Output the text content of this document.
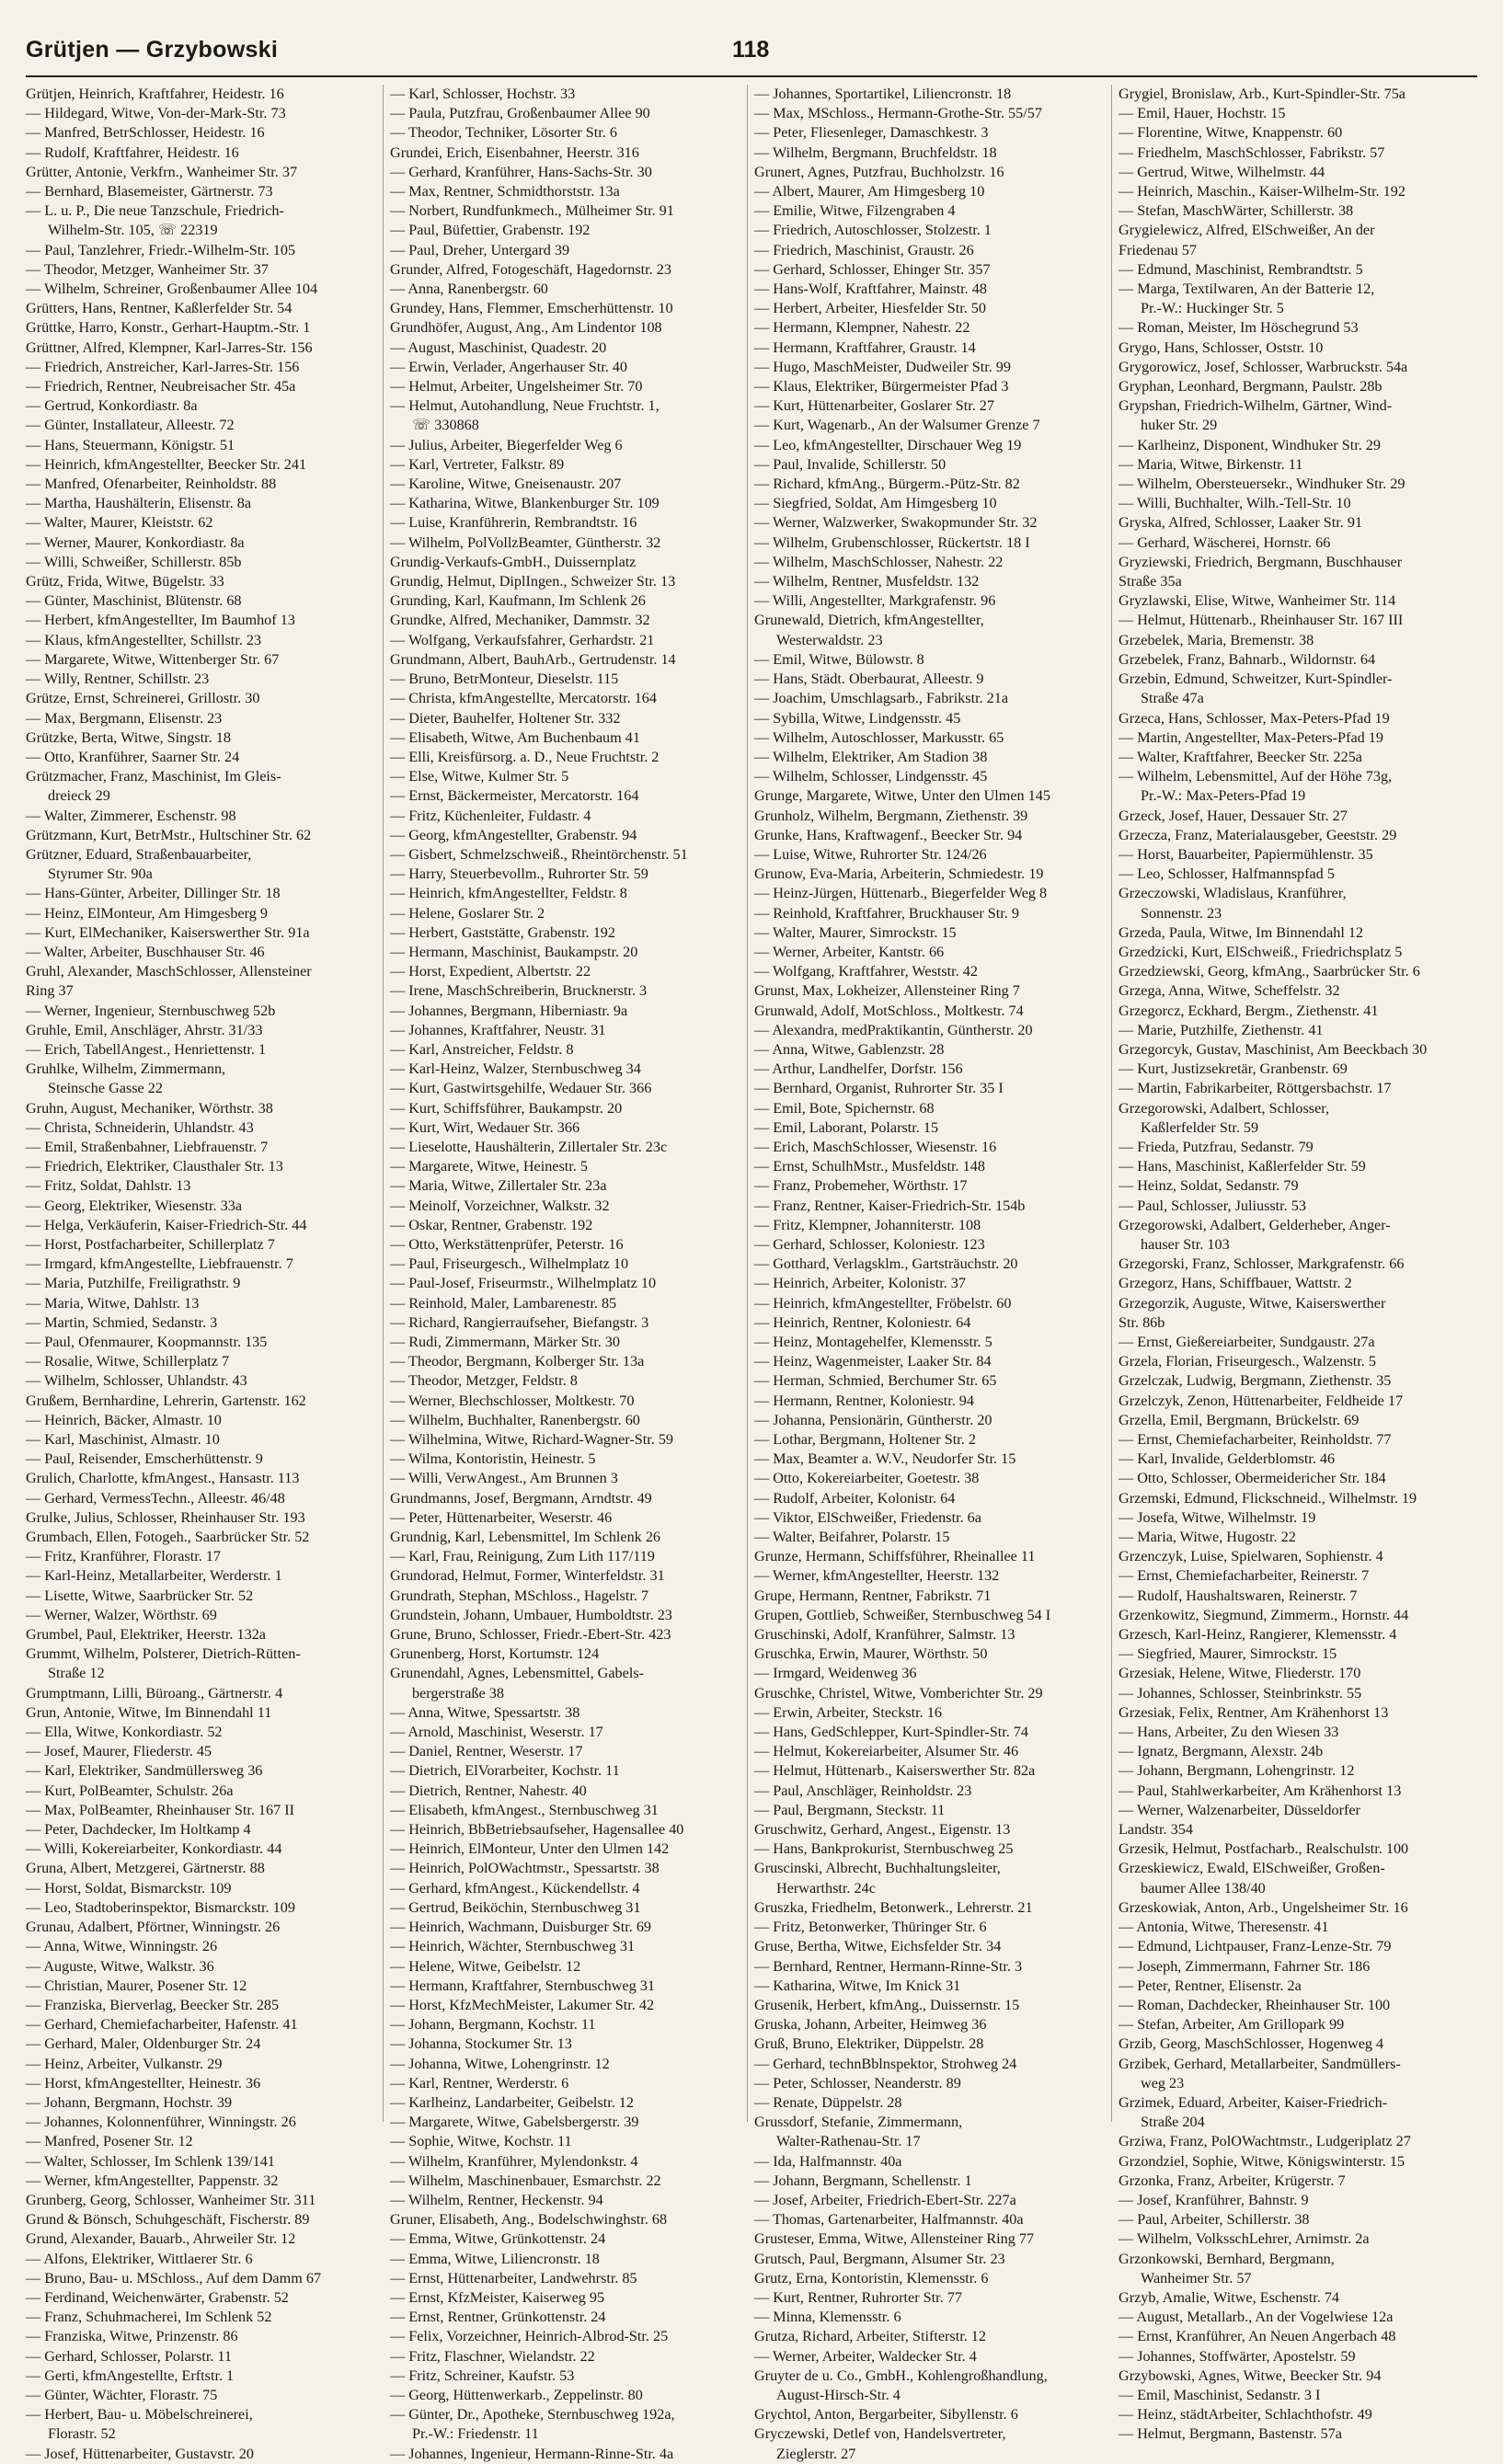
Grütjen — Grzybowski	118
Grütjen, Heinrich, Kraftfahrer, Heidestr. 16
— Hildegard, Witwe, Von-der-Mark-Str. 73
— Manfred, BetrSchlosser, Heidestr. 16
— Rudolf, Kraftfahrer, Heidestr. 16
Grütter, Antonie, Verkfrn., Wanheimer Str. 37
— Bernhard, Blasemeister, Gärtnerstr. 73
— L. u. P., Die neue Tanzschule, Friedrich-
Wilhelm-Str. 105, ☏ 22319
— Paul, Tanzlehrer, Friedr.-Wilhelm-Str. 105
— Theodor, Metzger, Wanheimer Str. 37
— Wilhelm, Schreiner, Großenbaumer Allee 104
Grütters, Hans, Rentner, Kaßlerfelder Str. 54
Grüttke, Harro, Konstr., Gerhart-Hauptm.-Str. 1
Grüttner, Alfred, Klempner, Karl-Jarres-Str. 156
— Friedrich, Anstreicher, Karl-Jarres-Str. 156
— Friedrich, Rentner, Neubreisacher Str. 45a
— Gertrud, Konkordiastr. 8a
— Günter, Installateur, Alleestr. 72
— Hans, Steuermann, Königstr. 51
— Heinrich, kfmAngestellter, Beecker Str. 241
— Manfred, Ofenarbeiter, Reinholdstr. 88
— Martha, Haushälterin, Elisenstr. 8a
— Walter, Maurer, Kleiststr. 62
— Werner, Maurer, Konkordiastr. 8a
— Willi, Schweißer, Schillerstr. 85b
Grütz, Frida, Witwe, Bügelstr. 33
— Günter, Maschinist, Blütenstr. 68
— Herbert, kfmAngestellter, Im Baumhof 13
— Klaus, kfmAngestellter, Schillstr. 23
— Margarete, Witwe, Wittenberger Str. 67
— Willy, Rentner, Schillstr. 23
Grütze, Ernst, Schreinerei, Grillostr. 30
— Max, Bergmann, Elisenstr. 23
Grützke, Berta, Witwe, Singstr. 18
— Otto, Kranführer, Saarner Str. 24
Grützmacher, Franz, Maschinist, Im Gleis-
dreieck 29
— Walter, Zimmerer, Eschenstr. 98
Grützmann, Kurt, BetrMstr., Hultschiner Str. 62
Grützner, Eduard, Straßenbauarbeiter,
Styrumer Str. 90a
— Hans-Günter, Arbeiter, Dillinger Str. 18
— Heinz, ElMonteur, Am Himgesberg 9
— Kurt, ElMechaniker, Kaiserswerther Str. 91a
— Walter, Arbeiter, Buschhauser Str. 46
Gruhl, Alexander, MaschSchlosser, Allensteiner
Ring 37
— Werner, Ingenieur, Sternbuschweg 52b
Gruhle, Emil, Anschläger, Ahrstr. 31/33
— Erich, TabellAngest., Henriettenstr. 1
Gruhlke, Wilhelm, Zimmermann,
Steinsche Gasse 22
Gruhn, August, Mechaniker, Wörthstr. 38
— Christa, Schneiderin, Uhlandstr. 43
— Emil, Straßenbahner, Liebfrauenstr. 7
— Friedrich, Elektriker, Clausthaler Str. 13
— Fritz, Soldat, Dahlstr. 13
— Georg, Elektriker, Wiesenstr. 33a
— Helga, Verkäuferin, Kaiser-Friedrich-Str. 44
— Horst, Postfacharbeiter, Schillerplatz 7
— Irmgard, kfmAngestellte, Liebfrauenstr. 7
— Maria, Putzhilfe, Freiligrathstr. 9
— Maria, Witwe, Dahlstr. 13
— Martin, Schmied, Sedanstr. 3
— Paul, Ofenmaurer, Koopmannstr. 135
— Rosalie, Witwe, Schillerplatz 7
— Wilhelm, Schlosser, Uhlandstr. 43
Grußem, Bernhardine, Lehrerin, Gartenstr. 162
— Heinrich, Bäcker, Almastr. 10
— Karl, Maschinist, Almastr. 10
— Paul, Reisender, Emscherhüttenstr. 9
Grulich, Charlotte, kfmAngest., Hansastr. 113
— Gerhard, VermessTechn., Alleestr. 46/48
Grulke, Julius, Schlosser, Rheinhauser Str. 193
Grumbach, Ellen, Fotogeh., Saarbrücker Str. 52
— Fritz, Kranführer, Florastr. 17
— Karl-Heinz, Metallarbeiter, Werderstr. 1
— Lisette, Witwe, Saarbrücker Str. 52
— Werner, Walzer, Wörthstr. 69
Grumbel, Paul, Elektriker, Heerstr. 132a
Grummt, Wilhelm, Polsterer, Dietrich-Rütten-
Straße 12
Grumptmann, Lilli, Büroang., Gärtnerstr. 4
Grun, Antonie, Witwe, Im Binnendahl 11
— Ella, Witwe, Konkordiastr. 52
— Josef, Maurer, Fliederstr. 45
— Karl, Elektriker, Sandmüllersweg 36
— Kurt, PolBeamter, Schulstr. 26a
— Max, PolBeamter, Rheinhauser Str. 167 II
— Peter, Dachdecker, Im Holtkamp 4
— Willi, Kokereiarbeiter, Konkordiastr. 44
Gruna, Albert, Metzgerei, Gärtnerstr. 88
— Horst, Soldat, Bismarckstr. 109
— Leo, Stadtoberinspektor, Bismarckstr. 109
Grunau, Adalbert, Pförtner, Winningstr. 26
— Anna, Witwe, Winningstr. 26
— Auguste, Witwe, Walkstr. 36
— Christian, Maurer, Posener Str. 12
— Franziska, Bierverlag, Beecker Str. 285
— Gerhard, Chemiefacharbeiter, Hafenstr. 41
— Gerhard, Maler, Oldenburger Str. 24
— Heinz, Arbeiter, Vulkanstr. 29
— Horst, kfmAngestellter, Heinestr. 36
— Johann, Bergmann, Hochstr. 39
— Johannes, Kolonnenführer, Winningstr. 26
— Manfred, Posener Str. 12
— Walter, Schlosser, Im Schlenk 139/141
— Werner, kfmAngestellter, Pappenstr. 32
Grunberg, Georg, Schlosser, Wanheimer Str. 311
Grund & Bönsch, Schuhgeschäft, Fischerstr. 89
Grund, Alexander, Bauarb., Ahrweiler Str. 12
— Alfons, Elektriker, Wittlaerer Str. 6
— Bruno, Bau- u. MSchloss., Auf dem Damm 67
— Ferdinand, Weichenwärter, Grabenstr. 52
— Franz, Schuhmacherei, Im Schlenk 52
— Franziska, Witwe, Prinzenstr. 86
— Gerhard, Schlosser, Polarstr. 11
— Gerti, kfmAngestellte, Erftstr. 1
— Günter, Wächter, Florastr. 75
— Herbert, Bau- u. Möbelschreinerei,
Florastr. 52
— Josef, Hüttenarbeiter, Gustavstr. 20
— Karl, Schlosser, Hochstr. 33
— Paula, Putzfrau, Großenbaumer Allee 90
— Theodor, Techniker, Lösorter Str. 6
Grundei, Erich, Eisenbahner, Heerstr. 316
— Gerhard, Kranführer, Hans-Sachs-Str. 30
— Max, Rentner, Schmidthorststr. 13a
— Norbert, Rundfunkmech., Mülheimer Str. 91
— Paul, Büfettier, Grabenstr. 192
— Paul, Dreher, Untergard 39
Grunder, Alfred, Fotogeschäft, Hagedornstr. 23
— Anna, Ranenbergstr. 60
Grundey, Hans, Flemmer, Emscherhüttenstr. 10
Grundhöfer, August, Ang., Am Lindentor 108
— August, Maschinist, Quadestr. 20
— Erwin, Verlader, Angerhauser Str. 40
— Helmut, Arbeiter, Ungelsheimer Str. 70
— Helmut, Autohandlung, Neue Fruchtstr. 1,
☏ 330868
— Julius, Arbeiter, Biegerfelder Weg 6
— Karl, Vertreter, Falkstr. 89
— Karoline, Witwe, Gneisenaustr. 207
— Katharina, Witwe, Blankenburger Str. 109
— Luise, Kranführerin, Rembrandtstr. 16
— Wilhelm, PolVollzBeamter, Güntherstr. 32
Grundig-Verkaufs-GmbH., Duissernplatz
Grundig, Helmut, DiplIngen., Schweizer Str. 13
Grunding, Karl, Kaufmann, Im Schlenk 26
Grundke, Alfred, Mechaniker, Dammstr. 32
— Wolfgang, Verkaufsfahrer, Gerhardstr. 21
Grundmann, Albert, BauhArb., Gertrudenstr. 14
— Bruno, BetrMonteur, Dieselstr. 115
— Christa, kfmAngestellte, Mercatorstr. 164
— Dieter, Bauhelfer, Holtener Str. 332
— Elisabeth, Witwe, Am Buchenbaum 41
— Elli, Kreisfürsorg. a. D., Neue Fruchtstr. 2
— Else, Witwe, Kulmer Str. 5
— Ernst, Bäckermeister, Mercatorstr. 164
— Fritz, Küchenleiter, Fuldastr. 4
— Georg, kfmAngestellter, Grabenstr. 94
— Gisbert, Schmelzschweiß., Rheintörchenstr. 51
— Harry, Steuerbevollm., Ruhrorter Str. 59
— Heinrich, kfmAngestellter, Feldstr. 8
— Helene, Goslarer Str. 2
— Herbert, Gaststätte, Grabenstr. 192
— Hermann, Maschinist, Baukampstr. 20
— Horst, Expedient, Albertstr. 22
— Irene, MaschSchreiberin, Brucknerstr. 3
— Johannes, Bergmann, Hiberniastr. 9a
— Johannes, Kraftfahrer, Neustr. 31
— Karl, Anstreicher, Feldstr. 8
— Karl-Heinz, Walzer, Sternbuschweg 34
— Kurt, Gastwirtsgehilfe, Wedauer Str. 366
— Kurt, Schiffsführer, Baukampstr. 20
— Kurt, Wirt, Wedauer Str. 366
— Lieselotte, Haushälterin, Zillertaler Str. 23c
— Margarete, Witwe, Heinestr. 5
— Maria, Witwe, Zillertaler Str. 23a
— Meinolf, Vorzeichner, Walkstr. 32
— Oskar, Rentner, Grabenstr. 192
— Otto, Werkstättenprüfer, Peterstr. 16
— Paul, Friseurgesch., Wilhelmplatz 10
— Paul-Josef, Friseurmstr., Wilhelmplatz 10
— Reinhold, Maler, Lambarenestr. 85
— Richard, Rangierraufseher, Biefangstr. 3
— Rudi, Zimmermann, Märker Str. 30
— Theodor, Bergmann, Kolberger Str. 13a
— Theodor, Metzger, Feldstr. 8
— Werner, Blechschlosser, Moltkestr. 70
— Wilhelm, Buchhalter, Ranenbergstr. 60
— Wilhelmina, Witwe, Richard-Wagner-Str. 59
— Wilma, Kontoristin, Heinestr. 5
— Willi, VerwAngest., Am Brunnen 3
Grundmanns, Josef, Bergmann, Arndtstr. 49
— Peter, Hüttenarbeiter, Weserstr. 46
Grundnig, Karl, Lebensmittel, Im Schlenk 26
— Karl, Frau, Reinigung, Zum Lith 117/119
Grundorad, Helmut, Former, Winterfeldstr. 31
Grundrath, Stephan, MSchloss., Hagelstr. 7
Grundstein, Johann, Umbauer, Humboldtstr. 23
Grune, Bruno, Schlosser, Friedr.-Ebert-Str. 423
Grunenberg, Horst, Kortumstr. 124
Grunendahl, Agnes, Lebensmittel, Gabels-
bergerstraße 38
— Anna, Witwe, Spessartstr. 38
— Arnold, Maschinist, Weserstr. 17
— Daniel, Rentner, Weserstr. 17
— Dietrich, ElVorarbeiter, Kochstr. 11
— Dietrich, Rentner, Nahestr. 40
— Elisabeth, kfmAngest., Sternbuschweg 31
— Heinrich, BbBetriebsaufseher, Hagensallee 40
— Heinrich, ElMonteur, Unter den Ulmen 142
— Heinrich, PolOWachtmstr., Spessartstr. 38
— Gerhard, kfmAngest., Kückendellstr. 4
— Gertrud, Beiköchin, Sternbuschweg 31
— Heinrich, Wachmann, Duisburger Str. 69
— Heinrich, Wächter, Sternbuschweg 31
— Helene, Witwe, Geibelstr. 12
— Hermann, Kraftfahrer, Sternbuschweg 31
— Horst, KfzMechMeister, Lakumer Str. 42
— Johann, Bergmann, Kochstr. 11
— Johanna, Stockumer Str. 13
— Johanna, Witwe, Lohengrinstr. 12
— Karl, Rentner, Werderstr. 6
— Karlheinz, Landarbeiter, Geibelstr. 12
— Margarete, Witwe, Gabelsbergerstr. 39
— Sophie, Witwe, Kochstr. 11
— Wilhelm, Kranführer, Mylendonkstr. 4
— Wilhelm, Maschinenbauer, Esmarchstr. 22
— Wilhelm, Rentner, Heckenstr. 94
Gruner, Elisabeth, Ang., Bodelschwinghstr. 68
— Emma, Witwe, Grünkottenstr. 24
— Emma, Witwe, Liliencronstr. 18
— Ernst, Hüttenarbeiter, Landwehrstr. 85
— Ernst, KfzMeister, Kaiserweg 95
— Ernst, Rentner, Grünkottenstr. 24
— Felix, Vorzeichner, Heinrich-Albrod-Str. 25
— Fritz, Flaschner, Wielandstr. 22
— Fritz, Schreiner, Kaufstr. 53
— Georg, Hüttenwerkarb., Zeppelinstr. 80
— Günter, Dr., Apotheke, Sternbuschweg 192a,
Pr.-W.: Friedenstr. 11
— Johannes, Ingenieur, Hermann-Rinne-Str. 4a
— Johannes, Sportartikel, Liliencronstr. 18
— Max, MSchloss., Hermann-Grothe-Str. 55/57
— Peter, Fliesenleger, Damaschkestr. 3
— Wilhelm, Bergmann, Bruchfeldstr. 18
Grunert, Agnes, Putzfrau, Buchholzstr. 16
— Albert, Maurer, Am Himgesberg 10
— Emilie, Witwe, Filzengraben 4
— Friedrich, Autoschlosser, Stolzestr. 1
— Friedrich, Maschinist, Graustr. 26
— Gerhard, Schlosser, Ehinger Str. 357
— Hans-Wolf, Kraftfahrer, Mainstr. 48
— Herbert, Arbeiter, Hiesfelder Str. 50
— Hermann, Klempner, Nahestr. 22
— Hermann, Kraftfahrer, Graustr. 14
— Hugo, MaschMeister, Dudweiler Str. 99
— Klaus, Elektriker, Bürgermeister Pfad 3
— Kurt, Hüttenarbeiter, Goslarer Str. 27
— Kurt, Wagenarb., An der Walsumer Grenze 7
— Leo, kfmAngestellter, Dirschauer Weg 19
— Paul, Invalide, Schillerstr. 50
— Richard, kfmAng., Bürgerm.-Pütz-Str. 82
— Siegfried, Soldat, Am Himgesberg 10
— Werner, Walzwerker, Swakopmunder Str. 32
— Wilhelm, Grubenschlosser, Rückertstr. 18 I
— Wilhelm, MaschSchlosser, Nahestr. 22
— Wilhelm, Rentner, Musfeldstr. 132
— Willi, Angestellter, Markgrafenstr. 96
Grunewald, Dietrich, kfmAngestellter,
Westerwaldstr. 23
— Emil, Witwe, Bülowstr. 8
— Hans, Städt. Oberbaurat, Alleestr. 9
— Joachim, Umschlagsarb., Fabrikstr. 21a
— Sybilla, Witwe, Lindgensstr. 45
— Wilhelm, Autoschlosser, Markusstr. 65
— Wilhelm, Elektriker, Am Stadion 38
— Wilhelm, Schlosser, Lindgensstr. 45
Grunge, Margarete, Witwe, Unter den Ulmen 145
Grunholz, Wilhelm, Bergmann, Ziethenstr. 39
Grunke, Hans, Kraftwagenf., Beecker Str. 94
— Luise, Witwe, Ruhrorter Str. 124/26
Grunow, Eva-Maria, Arbeiterin, Schmiedestr. 19
— Heinz-Jürgen, Hüttenarb., Biegerfelder Weg 8
— Reinhold, Kraftfahrer, Bruckhauser Str. 9
— Walter, Maurer, Simrockstr. 15
— Werner, Arbeiter, Kantstr. 66
— Wolfgang, Kraftfahrer, Weststr. 42
Grunst, Max, Lokheizer, Allensteiner Ring 7
Grunwald, Adolf, MotSchloss., Moltkestr. 74
— Alexandra, medPraktikantin, Güntherstr. 20
— Anna, Witwe, Gablenzstr. 28
— Arthur, Landhelfer, Dorfstr. 156
— Bernhard, Organist, Ruhrorter Str. 35 I
— Emil, Bote, Spichernstr. 68
— Emil, Laborant, Polarstr. 15
— Erich, MaschSchlosser, Wiesenstr. 16
— Ernst, SchulhMstr., Musfeldstr. 148
— Franz, Probemeher, Wörthstr. 17
— Franz, Rentner, Kaiser-Friedrich-Str. 154b
— Fritz, Klempner, Johanniterstr. 108
— Gerhard, Schlosser, Koloniestr. 123
— Gotthard, Verlagsklm., Gartsträuchstr. 20
— Heinrich, Arbeiter, Kolonistr. 37
— Heinrich, kfmAngestellter, Fröbelstr. 60
— Heinrich, Rentner, Koloniestr. 64
— Heinz, Montagehelfer, Klemensstr. 5
— Heinz, Wagenmeister, Laaker Str. 84
— Herman, Schmied, Berchumer Str. 65
— Hermann, Rentner, Koloniestr. 94
— Johanna, Pensionärin, Güntherstr. 20
— Lothar, Bergmann, Holtener Str. 2
— Max, Beamter a. W.V., Neudorfer Str. 15
— Otto, Kokereiarbeiter, Goetestr. 38
— Rudolf, Arbeiter, Kolonistr. 64
— Viktor, ElSchweißer, Friedenstr. 6a
— Walter, Beifahrer, Polarstr. 15
Grunze, Hermann, Schiffsführer, Rheinallee 11
— Werner, kfmAngestellter, Heerstr. 132
Grupe, Hermann, Rentner, Fabrikstr. 71
Grupen, Gottlieb, Schweißer, Sternbuschweg 54 I
Gruschinski, Adolf, Kranführer, Salmstr. 13
Gruschka, Erwin, Maurer, Wörthstr. 50
— Irmgard, Weidenweg 36
Gruschke, Christel, Witwe, Vomberichter Str. 29
— Erwin, Arbeiter, Steckstr. 16
— Hans, GedSchlepper, Kurt-Spindler-Str. 74
— Helmut, Kokereiarbeiter, Alsumer Str. 46
— Helmut, Hüttenarb., Kaiserswerther Str. 82a
— Paul, Anschläger, Reinholdstr. 23
— Paul, Bergmann, Steckstr. 11
Gruschwitz, Gerhard, Angest., Eigenstr. 13
— Hans, Bankprokurist, Sternbuschweg 25
Gruscinski, Albrecht, Buchhaltungsleiter,
Herwarthstr. 24c
Gruszka, Friedhelm, Betonwerk., Lehrerstr. 21
— Fritz, Betonwerker, Thüringer Str. 6
Gruse, Bertha, Witwe, Eichsfelder Str. 34
— Bernhard, Rentner, Hermann-Rinne-Str. 3
— Katharina, Witwe, Im Knick 31
Grusenik, Herbert, kfmAng., Duissernstr. 15
Gruska, Johann, Arbeiter, Heimweg 36
Gruß, Bruno, Elektriker, Düppelstr. 28
— Gerhard, technBblnspektor, Strohweg 24
— Peter, Schlosser, Neanderstr. 89
— Renate, Düppelstr. 28
Grussdorf, Stefanie, Zimmermann,
Walter-Rathenau-Str. 17
— Ida, Halfmannstr. 40a
— Johann, Bergmann, Schellenstr. 1
— Josef, Arbeiter, Friedrich-Ebert-Str. 227a
— Thomas, Gartenarbeiter, Halfmannstr. 40a
Grusteser, Emma, Witwe, Allensteiner Ring 77
Grutsch, Paul, Bergmann, Alsumer Str. 23
Grutz, Erna, Kontoristin, Klemensstr. 6
— Kurt, Rentner, Ruhrorter Str. 77
— Minna, Klemensstr. 6
Grutza, Richard, Arbeiter, Stifterstr. 12
— Werner, Arbeiter, Waldecker Str. 4
Gruyter de u. Co., GmbH., Kohlengroßhandlung,
August-Hirsch-Str. 4
Grychtol, Anton, Bergarbeiter, Sibyllenstr. 6
Gryczewski, Detlef von, Handelsvertreter,
Zieglerstr. 27
Grygiel, Bronislaw, Arb., Kurt-Spindler-Str. 75a
— Emil, Hauer, Hochstr. 15
— Florentine, Witwe, Knappenstr. 60
— Friedhelm, MaschSchlosser, Fabrikstr. 57
— Gertrud, Witwe, Wilhelmstr. 44
— Heinrich, Maschin., Kaiser-Wilhelm-Str. 192
— Stefan, MaschWärter, Schillerstr. 38
Grygielewicz, Alfred, ElSchweißer, An der
Friedenau 57
— Edmund, Maschinist, Rembrandtstr. 5
— Marga, Textilwaren, An der Batterie 12,
Pr.-W.: Huckinger Str. 5
— Roman, Meister, Im Höschegrund 53
Grygo, Hans, Schlosser, Oststr. 10
Grygorowicz, Josef, Schlosser, Warbruckstr. 54a
Gryphan, Leonhard, Bergmann, Paulstr. 28b
Grypshan, Friedrich-Wilhelm, Gärtner, Wind-
huker Str. 29
— Karlheinz, Disponent, Windhuker Str. 29
— Maria, Witwe, Birkenstr. 11
— Wilhelm, Obersteuersekr., Windhuker Str. 29
— Willi, Buchhalter, Wilh.-Tell-Str. 10
Gryska, Alfred, Schlosser, Laaker Str. 91
— Gerhard, Wäscherei, Hornstr. 66
Gryziewski, Friedrich, Bergmann, Buschhauser
Straße 35a
Gryzlawski, Elise, Witwe, Wanheimer Str. 114
— Helmut, Hüttenarb., Rheinhauser Str. 167 III
Grzebelek, Maria, Bremenstr. 38
Grzebelek, Franz, Bahnarb., Wildornstr. 64
Grzebin, Edmund, Schweitzer, Kurt-Spindler-
Straße 47a
Grzeca, Hans, Schlosser, Max-Peters-Pfad 19
— Martin, Angestellter, Max-Peters-Pfad 19
— Walter, Kraftfahrer, Beecker Str. 225a
— Wilhelm, Lebensmittel, Auf der Höhe 73g,
Pr.-W.: Max-Peters-Pfad 19
Grzeck, Josef, Hauer, Dessauer Str. 27
Grzecza, Franz, Materialausgeber, Geeststr. 29
— Horst, Bauarbeiter, Papiermühlenstr. 35
— Leo, Schlosser, Halfmannspfad 5
Grzeczowski, Wladislaus, Kranführer,
Sonnenstr. 23
Grzeda, Paula, Witwe, Im Binnendahl 12
Grzedzicki, Kurt, ElSchweiß., Friedrichsplatz 5
Grzedziewski, Georg, kfmAng., Saarbrücker Str. 6
Grzega, Anna, Witwe, Scheffelstr. 32
Grzegorcz, Eckhard, Bergm., Ziethenstr. 41
— Marie, Putzhilfe, Ziethenstr. 41
Grzegorcyk, Gustav, Maschinist, Am Beeckbach 30
— Kurt, Justizsekretär, Granbenstr. 69
— Martin, Fabrikarbeiter, Röttgersbachstr. 17
Grzegorowski, Adalbert, Schlosser,
Kaßlerfelder Str. 59
— Frieda, Putzfrau, Sedanstr. 79
— Hans, Maschinist, Kaßlerfelder Str. 59
— Heinz, Soldat, Sedanstr. 79
— Paul, Schlosser, Juliusstr. 53
Grzegorowski, Adalbert, Gelderheber, Anger-
hauser Str. 103
Grzegorski, Franz, Schlosser, Markgrafenstr. 66
Grzegorz, Hans, Schiffbauer, Wattstr. 2
Grzegorzik, Auguste, Witwe, Kaiserswerther
Str. 86b
— Ernst, Gießereiarbeiter, Sundgaustr. 27a
Grzela, Florian, Friseurgesch., Walzenstr. 5
Grzelczak, Ludwig, Bergmann, Ziethenstr. 35
Grzelczyk, Zenon, Hüttenarbeiter, Feldheide 17
Grzella, Emil, Bergmann, Brückelstr. 69
— Ernst, Chemiefacharbeiter, Reinholdstr. 77
— Karl, Invalide, Gelderblomstr. 46
— Otto, Schlosser, Obermeidericher Str. 184
Grzemski, Edmund, Flickschneid., Wilhelmstr. 19
— Josefa, Witwe, Wilhelmstr. 19
— Maria, Witwe, Hugostr. 22
Grzenczyk, Luise, Spielwaren, Sophienstr. 4
— Ernst, Chemiefacharbeiter, Reinerstr. 7
— Rudolf, Haushaltswaren, Reinerstr. 7
Grzenkowitz, Siegmund, Zimmerm., Hornstr. 44
Grzesch, Karl-Heinz, Rangierer, Klemensstr. 4
— Siegfried, Maurer, Simrockstr. 15
Grzesiak, Helene, Witwe, Fliederstr. 170
— Johannes, Schlosser, Steinbrinkstr. 55
Grzesiak, Felix, Rentner, Am Krähenhorst 13
— Hans, Arbeiter, Zu den Wiesen 33
— Ignatz, Bergmann, Alexstr. 24b
— Johann, Bergmann, Lohengrinstr. 12
— Paul, Stahlwerkarbeiter, Am Krähenhorst 13
— Werner, Walzenarbeiter, Düsseldorfer
Landstr. 354
Grzesik, Helmut, Postfacharb., Realschulstr. 100
Grzeskiewicz, Ewald, ElSchweißer, Großen-
baumer Allee 138/40
Grzeskowiak, Anton, Arb., Ungelsheimer Str. 16
— Antonia, Witwe, Theresenstr. 41
— Edmund, Lichtpauser, Franz-Lenze-Str. 79
— Joseph, Zimmermann, Fahrner Str. 186
— Peter, Rentner, Elisenstr. 2a
— Roman, Dachdecker, Rheinhauser Str. 100
— Stefan, Arbeiter, Am Grillopark 99
Grzib, Georg, MaschSchlosser, Hogenweg 4
Grzibek, Gerhard, Metallarbeiter, Sandmüllers-
weg 23
Grzimek, Eduard, Arbeiter, Kaiser-Friedrich-
Straße 204
Grziwa, Franz, PolOWachtmstr., Ludgeriplatz 27
Grzondziel, Sophie, Witwe, Königswinterstr. 15
Grzonka, Franz, Arbeiter, Krügerstr. 7
— Josef, Kranführer, Bahnstr. 9
— Paul, Arbeiter, Schillerstr. 38
— Wilhelm, VolksschLehrer, Arnimstr. 2a
Grzonkowski, Bernhard, Bergmann,
Wanheimer Str. 57
Grzyb, Amalie, Witwe, Eschenstr. 74
— August, Metallarb., An der Vogelwiese 12a
— Ernst, Kranführer, An Neuen Angerbach 48
— Johannes, Stoffwärter, Apostelstr. 59
Grzybowski, Agnes, Witwe, Beecker Str. 94
— Emil, Maschinist, Sedanstr. 3 I
— Heinz, städtArbeiter, Schlachthofstr. 49
— Helmut, Bergmann, Bastenstr. 57a
